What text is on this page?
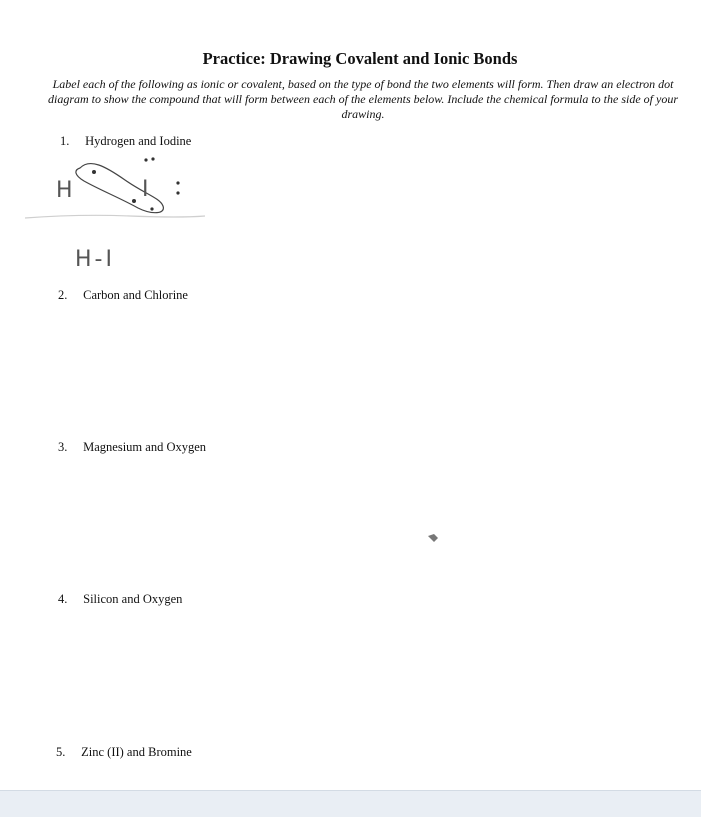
Practice: Drawing Covalent and Ionic Bonds
Label each of the following as ionic or covalent, based on the type of bond the two elements will form. Then draw an electron dot diagram to show the compound that will form between each of the elements below. Include the chemical formula to the side of your drawing.
1. Hydrogen and Iodine
H	I
H-I
2. Carbon and Chlorine
3. Magnesium and Oxygen
4. Silicon and Oxygen
5. Zinc (II) and Bromine
